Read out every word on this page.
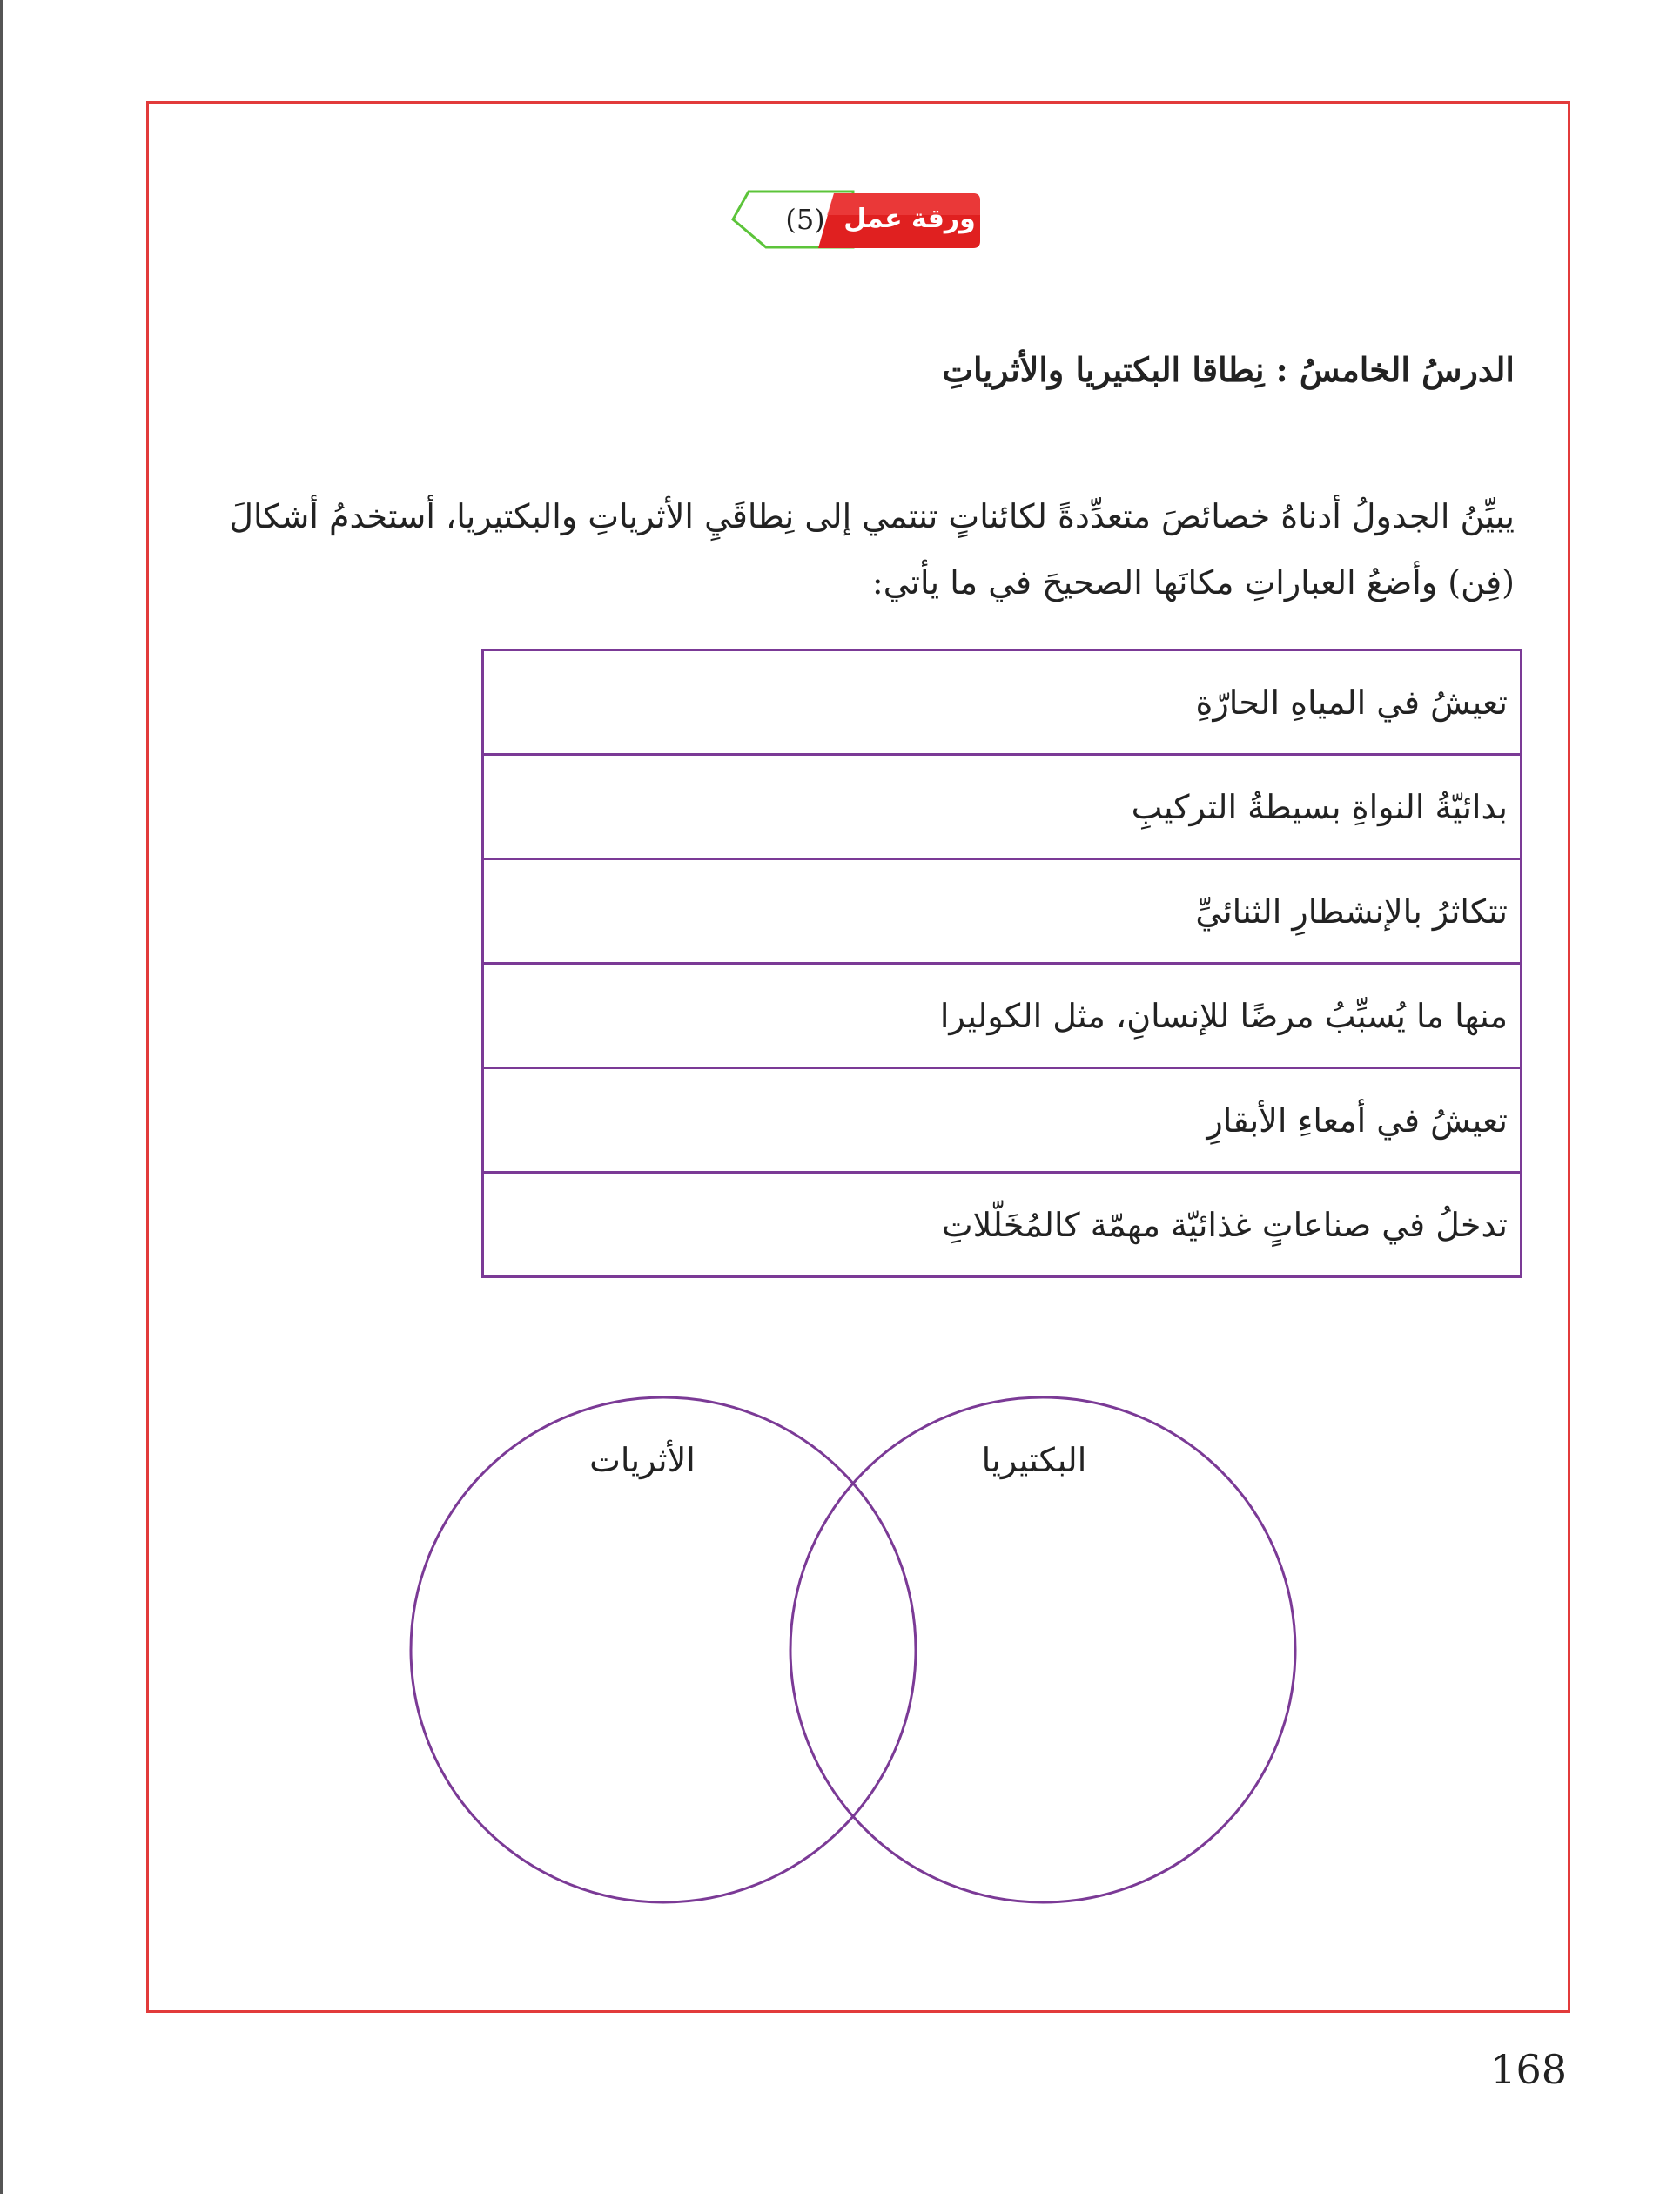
(5) ورقة عمل
الدرسُ الخامسُ : نِطاقا البكتيريا والأثرياتِ
يبيِّنُ الجدولُ أدناهُ خصائصَ متعدِّدةً لكائناتٍ تنتمي إلى نِطاقَيِ الأثرياتِ والبكتيريا، أستخدمُ أشكالَ (فِن) وأضعُ العباراتِ مكانَها الصحيحَ في ما يأتي:
تعيشُ في المياهِ الحارّةِ
بدائيّةُ النواةِ بسيطةُ التركيبِ
تتكاثرُ بالإنشطارِ الثنائيِّ
منها ما يُسبِّبُ مرضًا للإنسانِ، مثل الكوليرا
تعيشُ في أمعاءِ الأبقارِ
تدخلُ في صناعاتٍ غذائيّة مهمّة كالمُخَلّلاتِ
الأثريات	البكتيريا
168
